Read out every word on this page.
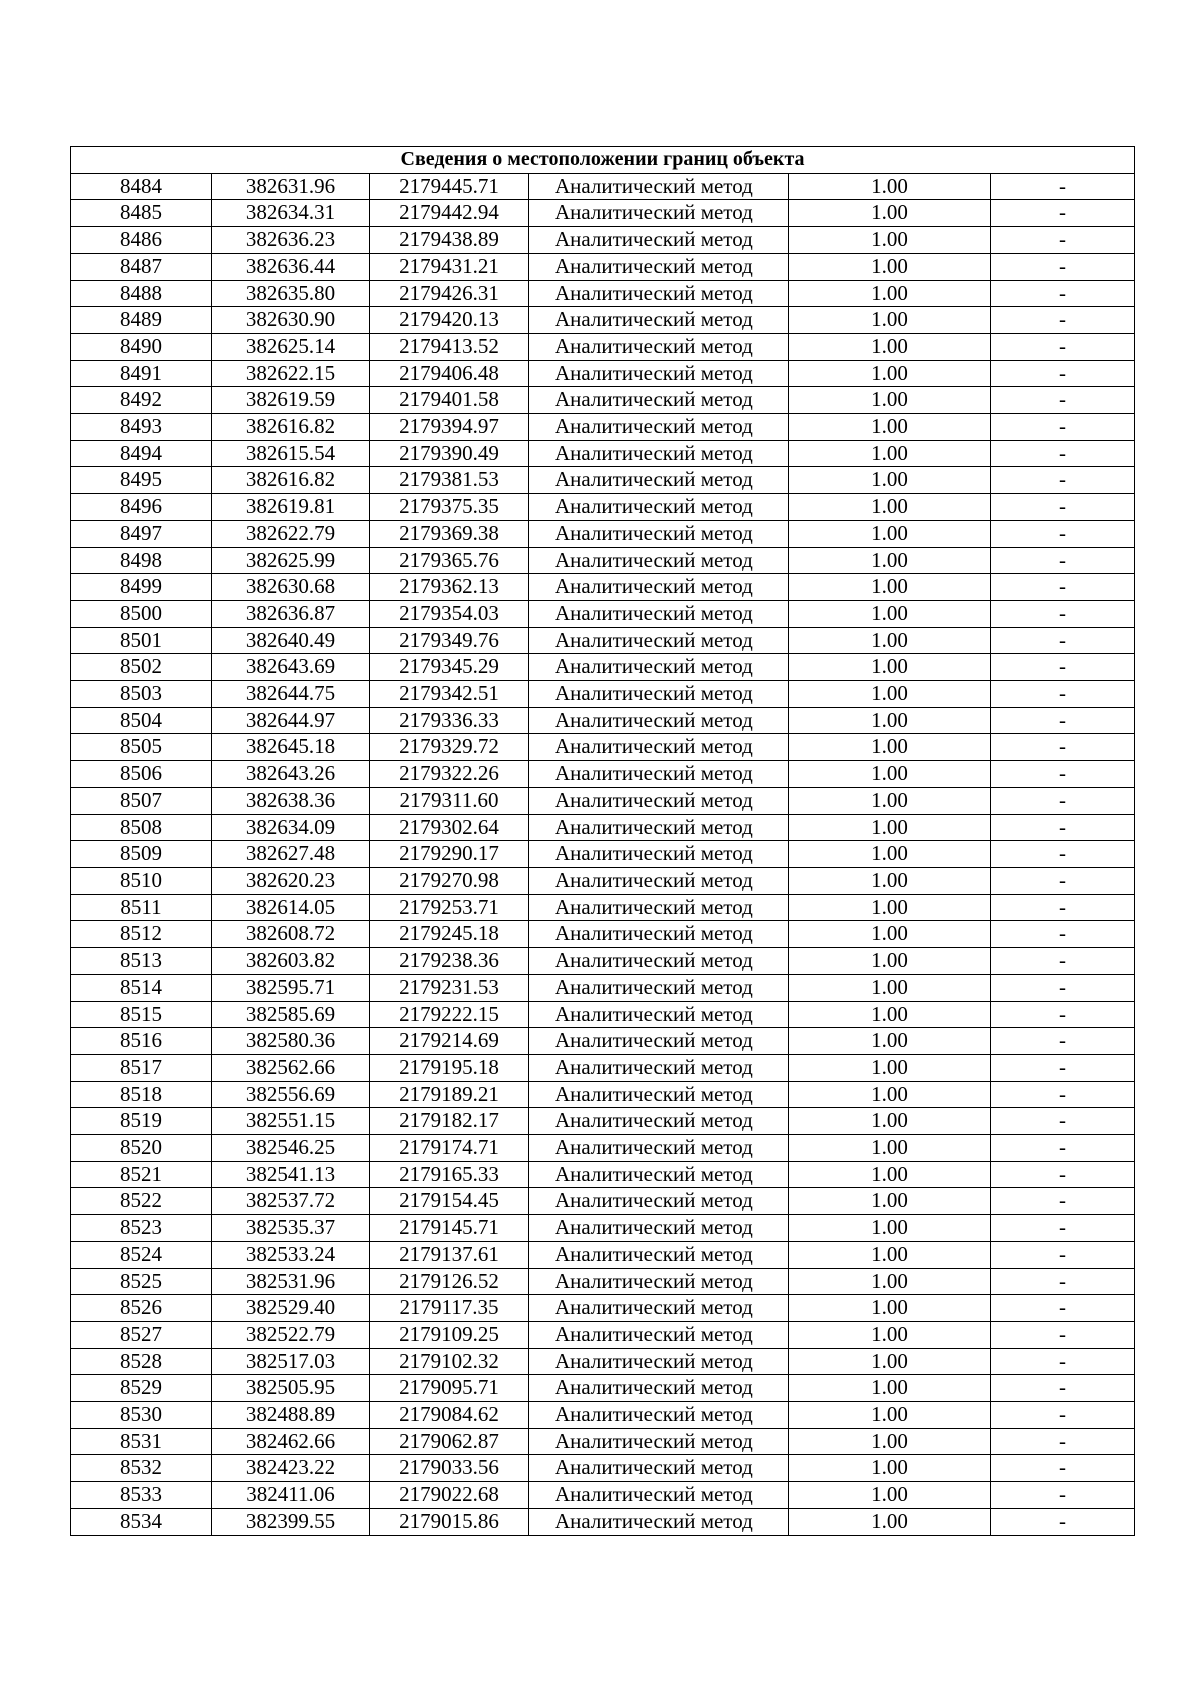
Сведения о местоположении границ объекта					
8484	382631.96	2179445.71	Аналитический метод	1.00	-
8485	382634.31	2179442.94	Аналитический метод	1.00	-
8486	382636.23	2179438.89	Аналитический метод	1.00	-
8487	382636.44	2179431.21	Аналитический метод	1.00	-
8488	382635.80	2179426.31	Аналитический метод	1.00	-
8489	382630.90	2179420.13	Аналитический метод	1.00	-
8490	382625.14	2179413.52	Аналитический метод	1.00	-
8491	382622.15	2179406.48	Аналитический метод	1.00	-
8492	382619.59	2179401.58	Аналитический метод	1.00	-
8493	382616.82	2179394.97	Аналитический метод	1.00	-
8494	382615.54	2179390.49	Аналитический метод	1.00	-
8495	382616.82	2179381.53	Аналитический метод	1.00	-
8496	382619.81	2179375.35	Аналитический метод	1.00	-
8497	382622.79	2179369.38	Аналитический метод	1.00	-
8498	382625.99	2179365.76	Аналитический метод	1.00	-
8499	382630.68	2179362.13	Аналитический метод	1.00	-
8500	382636.87	2179354.03	Аналитический метод	1.00	-
8501	382640.49	2179349.76	Аналитический метод	1.00	-
8502	382643.69	2179345.29	Аналитический метод	1.00	-
8503	382644.75	2179342.51	Аналитический метод	1.00	-
8504	382644.97	2179336.33	Аналитический метод	1.00	-
8505	382645.18	2179329.72	Аналитический метод	1.00	-
8506	382643.26	2179322.26	Аналитический метод	1.00	-
8507	382638.36	2179311.60	Аналитический метод	1.00	-
8508	382634.09	2179302.64	Аналитический метод	1.00	-
8509	382627.48	2179290.17	Аналитический метод	1.00	-
8510	382620.23	2179270.98	Аналитический метод	1.00	-
8511	382614.05	2179253.71	Аналитический метод	1.00	-
8512	382608.72	2179245.18	Аналитический метод	1.00	-
8513	382603.82	2179238.36	Аналитический метод	1.00	-
8514	382595.71	2179231.53	Аналитический метод	1.00	-
8515	382585.69	2179222.15	Аналитический метод	1.00	-
8516	382580.36	2179214.69	Аналитический метод	1.00	-
8517	382562.66	2179195.18	Аналитический метод	1.00	-
8518	382556.69	2179189.21	Аналитический метод	1.00	-
8519	382551.15	2179182.17	Аналитический метод	1.00	-
8520	382546.25	2179174.71	Аналитический метод	1.00	-
8521	382541.13	2179165.33	Аналитический метод	1.00	-
8522	382537.72	2179154.45	Аналитический метод	1.00	-
8523	382535.37	2179145.71	Аналитический метод	1.00	-
8524	382533.24	2179137.61	Аналитический метод	1.00	-
8525	382531.96	2179126.52	Аналитический метод	1.00	-
8526	382529.40	2179117.35	Аналитический метод	1.00	-
8527	382522.79	2179109.25	Аналитический метод	1.00	-
8528	382517.03	2179102.32	Аналитический метод	1.00	-
8529	382505.95	2179095.71	Аналитический метод	1.00	-
8530	382488.89	2179084.62	Аналитический метод	1.00	-
8531	382462.66	2179062.87	Аналитический метод	1.00	-
8532	382423.22	2179033.56	Аналитический метод	1.00	-
8533	382411.06	2179022.68	Аналитический метод	1.00	-
8534	382399.55	2179015.86	Аналитический метод	1.00	-
